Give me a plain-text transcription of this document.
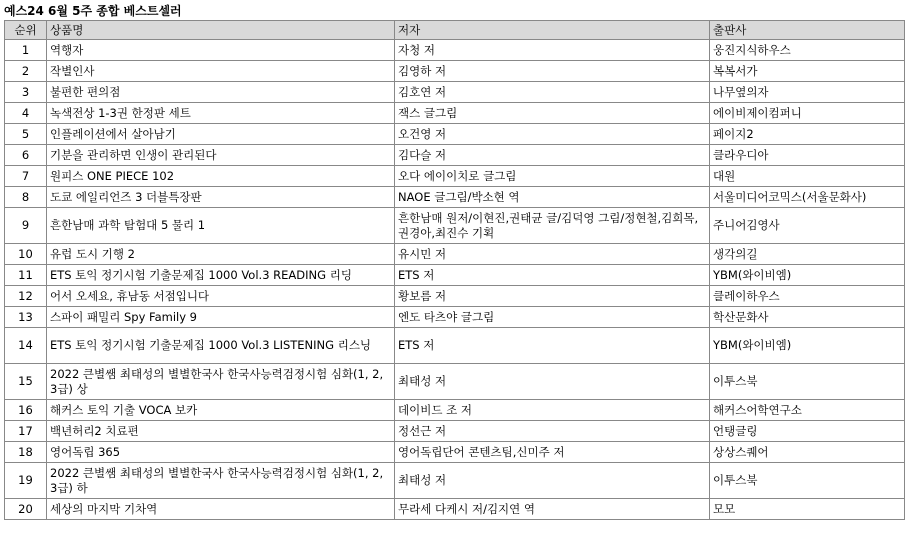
예스24 6월 5주 종합 베스트셀러
순위	상품명	저자	출판사
1	역행자	자청 저	웅진지식하우스
2	작별인사	김영하 저	복복서가
3	불편한 편의점	김호연 저	나무옆의자
4	녹색전상 1-3권 한정판 세트	잭스 글그림	에이비제이컴퍼니
5	인플레이션에서 살아남기	오건영 저	페이지2
6	기분을 관리하면 인생이 관리된다	김다슬 저	클라우디아
7	원피스 ONE PIECE 102	오다 에이이치로 글그림	대원
8	도쿄 에일리언즈 3 더블특장판	NAOE 글그림/박소현 역	서울미디어코믹스(서울문화사)
9	흔한남매 과학 탐험대 5 물리 1	흔한남매 원저/이현진,권태균 글/김덕영 그림/정현철,김희목,권경아,최진수 기획	주니어김영사
10	유럽 도시 기행 2	유시민 저	생각의길
11	ETS 토익 정기시험 기출문제집 1000 Vol.3 READING 리딩	ETS 저	YBM(와이비엠)
12	어서 오세요, 휴남동 서점입니다	황보름 저	클레이하우스
13	스파이 패밀리 Spy Family 9	엔도 타츠야 글그림	학산문화사
14	ETS 토익 정기시험 기출문제집 1000 Vol.3 LISTENING 리스닝	ETS 저	YBM(와이비엠)
15	2022 큰별쌤 최태성의 별별한국사 한국사능력검정시험 심화(1, 2, 3급) 상	최태성 저	이투스북
16	해커스 토익 기출 VOCA 보카	데이비드 조 저	해커스어학연구소
17	백년허리2 치료편	정선근 저	언탱글링
18	영어독립 365	영어독립단어 콘텐츠팀,신미주 저	상상스퀘어
19	2022 큰별쌤 최태성의 별별한국사 한국사능력검정시험 심화(1, 2, 3급) 하	최태성 저	이투스북
20	세상의 마지막 기차역	무라세 다케시 저/김지연 역	모모
